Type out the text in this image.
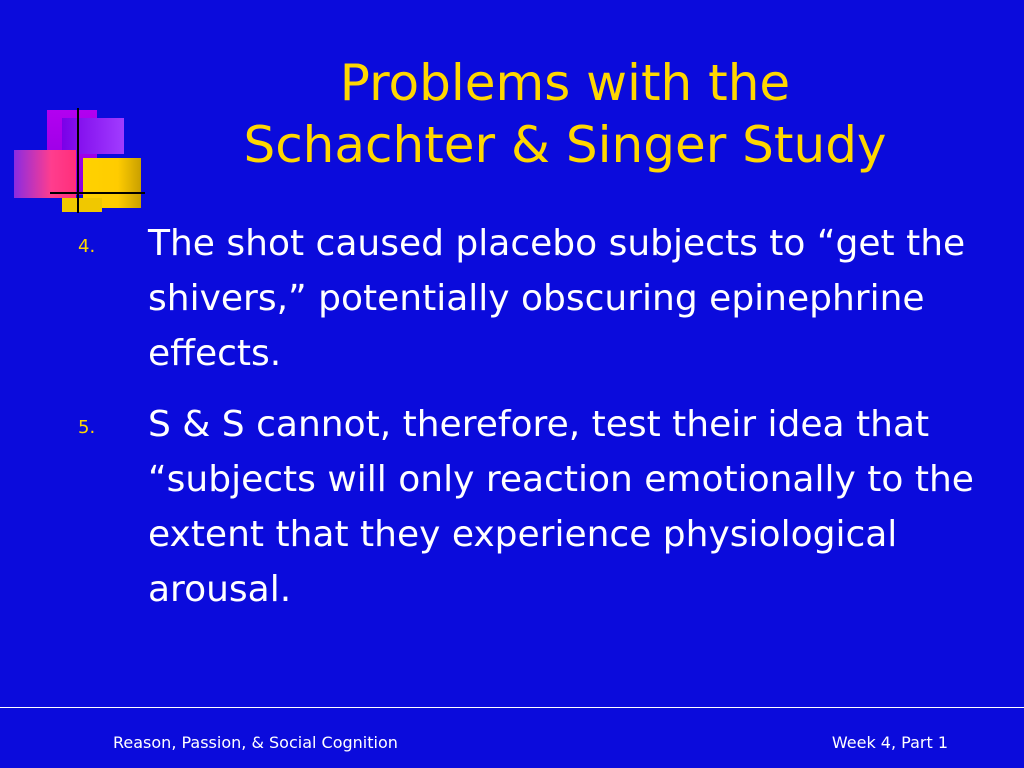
Problems with the
Schachter & Singer Study
4. The shot caused placebo subjects to “get the shivers,” potentially obscuring epinephrine effects.
5. S & S cannot, therefore, test their idea that “subjects will only reaction emotionally to the extent that they experience physiological arousal.
Reason, Passion, & Social Cognition	Week 4, Part 1
